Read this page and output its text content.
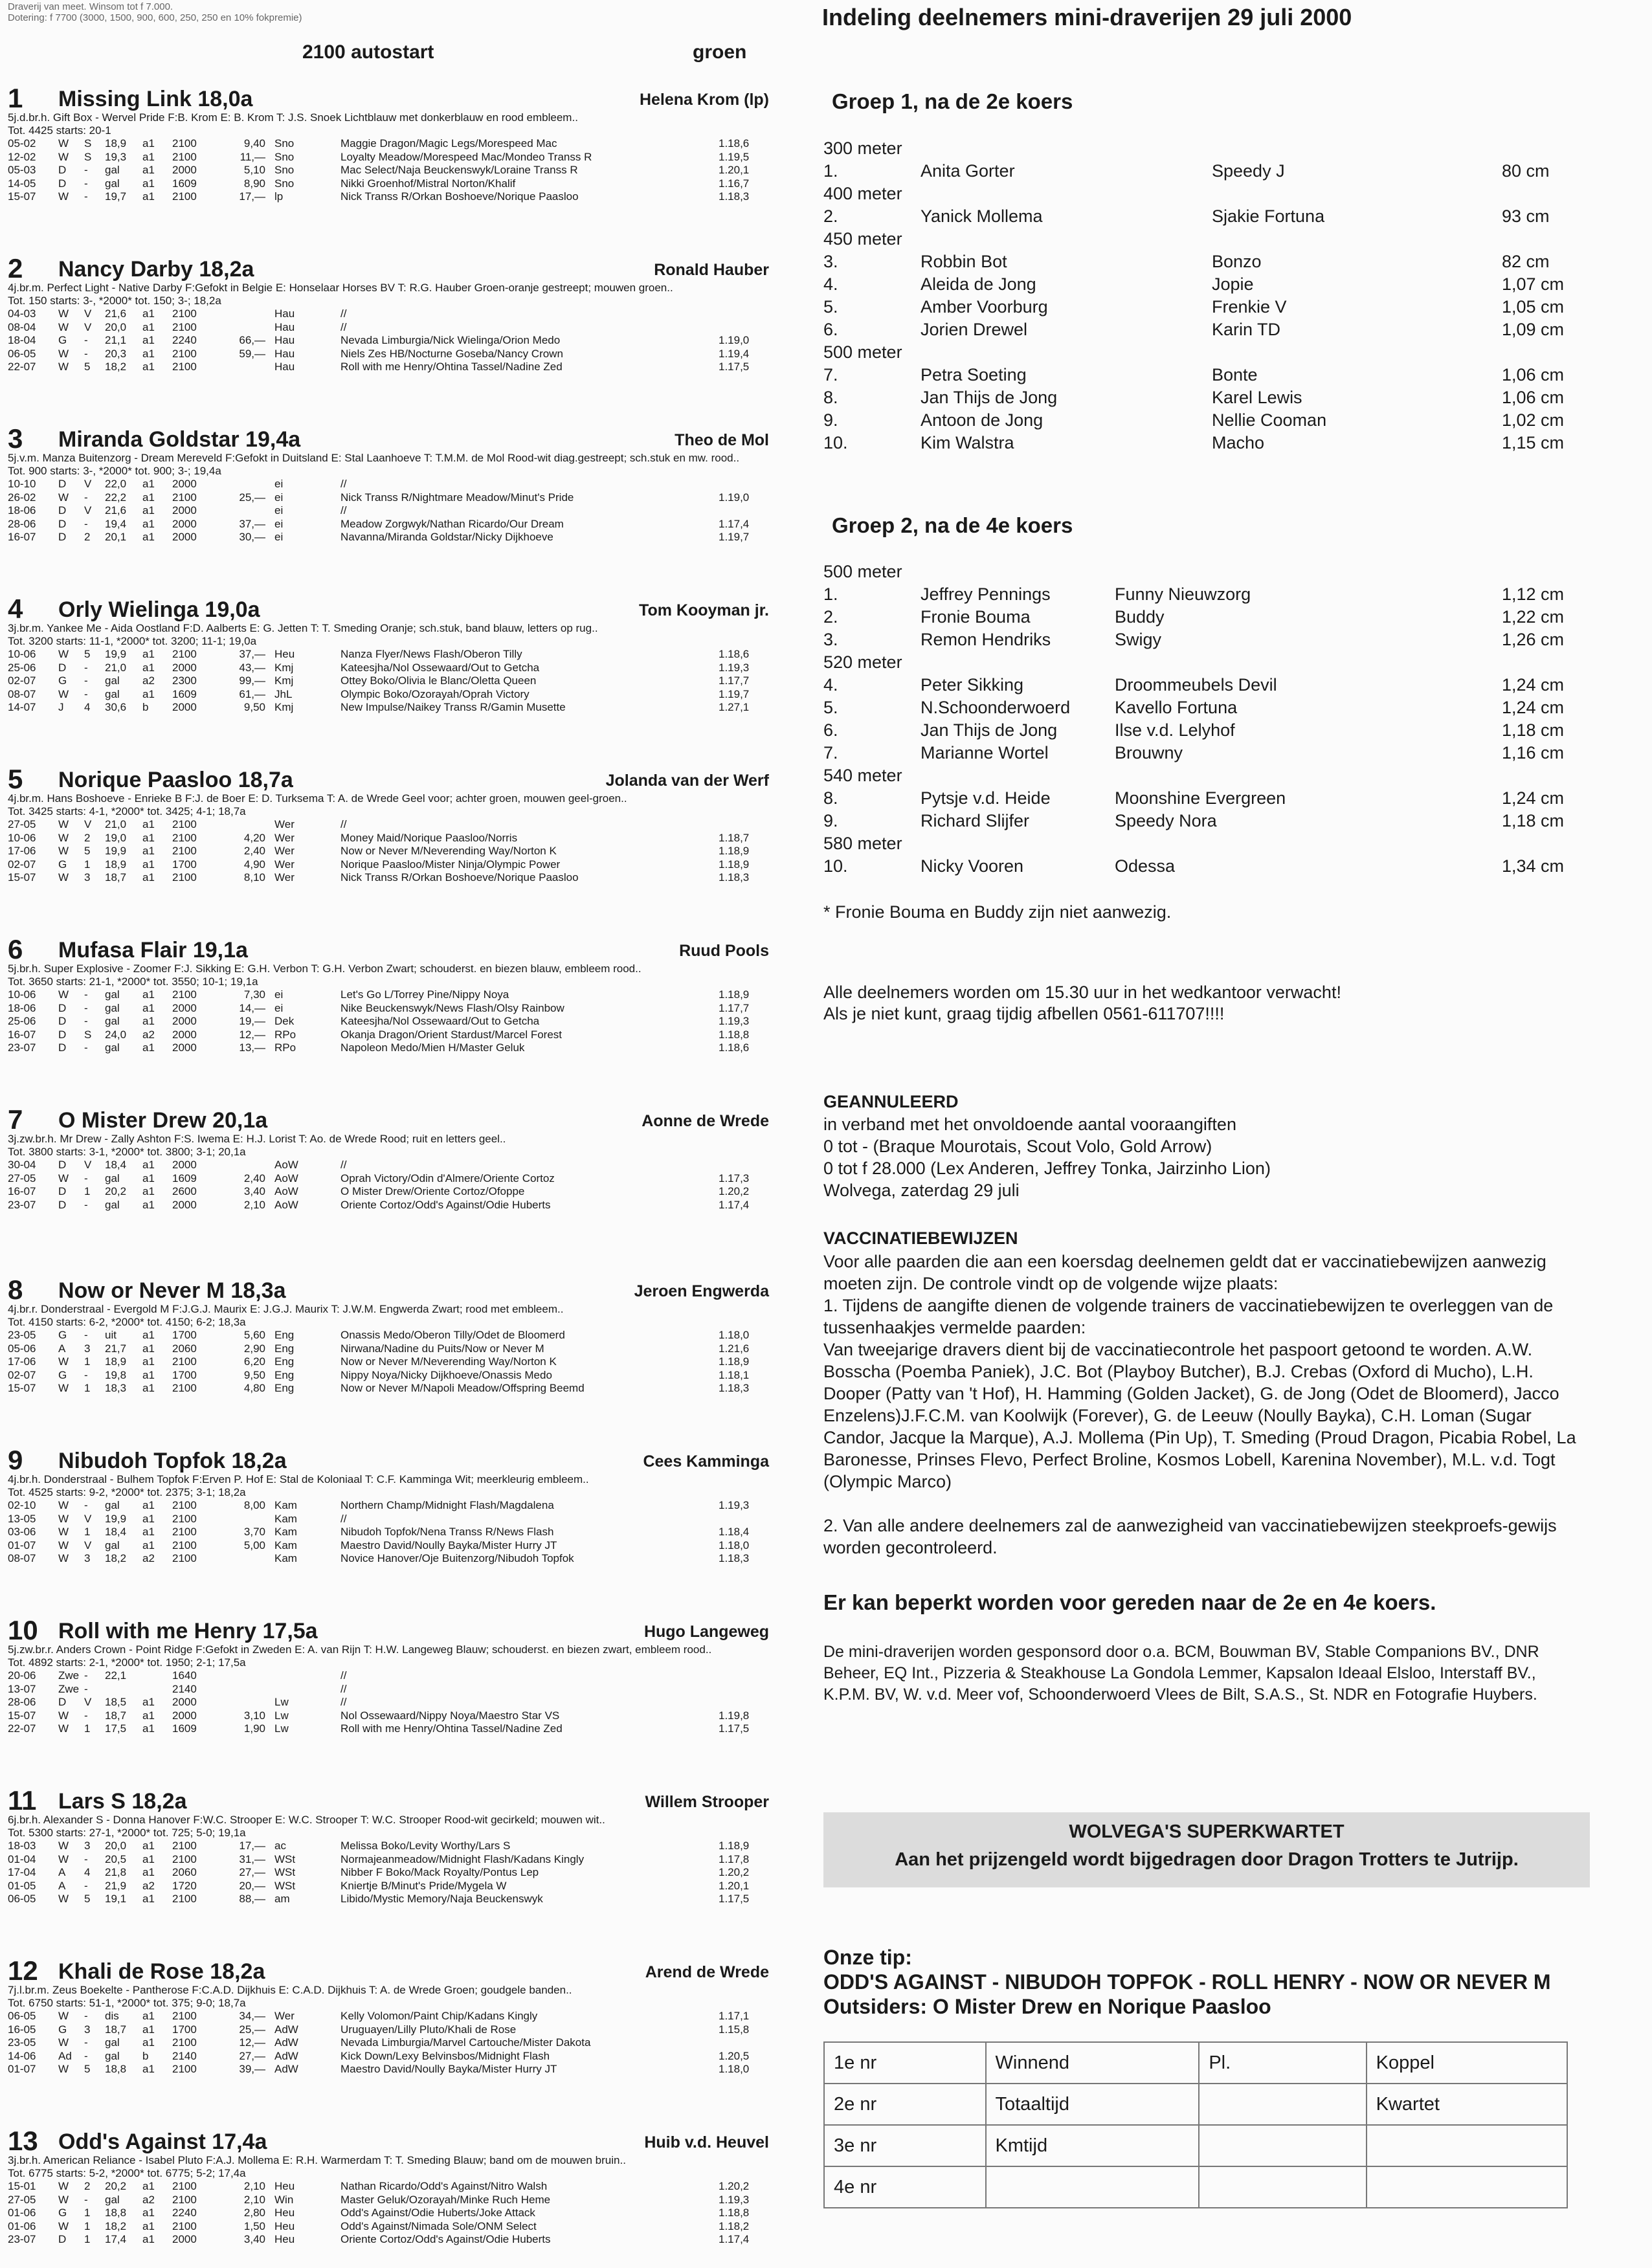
Draverij van meet. Winsom tot f 7.000.
Dotering: f 7700 (3000, 1500, 900, 600, 250, 250 en 10% fokpremie)
2100 autostart	groen
1 Missing Link 18,0a	Helena Krom (lp)
5j.d.br.h. Gift Box - Wervel Pride F:B. Krom E: B. Krom T: J.S. Snoek Lichtblauw met donkerblauw en rood embleem..
Tot. 4425 starts: 20-1
05-02 W S 18,9 a1 2100	9,40 Sno	Maggie Dragon/Magic Legs/Morespeed Mac	1.18,6
12-02 W S 19,3 a1 2100	11,— Sno	Loyalty Meadow/Morespeed Mac/Mondeo Transs R	1.19,5
05-03 D - gal a1 2000	5,10 Sno	Mac Select/Naja Beuckenswyk/Loraine Transs R	1.20,1
14-05 D - gal a1 1609	8,90 Sno	Nikki Groenhof/Mistral Norton/Khalif	1.16,7
15-07 W - 19,7 a1 2100	17,— lp	Nick Transs R/Orkan Boshoeve/Norique Paasloo	1.18,3
2 Nancy Darby 18,2a	Ronald Hauber
4j.br.m. Perfect Light - Native Darby F:Gefokt in Belgie E: Honselaar Horses BV T: R.G. Hauber Groen-oranje gestreept; mouwen groen..
Tot. 150 starts: 3-, *2000* tot. 150; 3-; 18,2a
04-03 W V 21,6 a1 2100	Hau	//
08-04 W V 20,0 a1 2100	Hau	//
18-04 G - 21,1 a1 2240	66,— Hau	Nevada Limburgia/Nick Wielinga/Orion Medo	1.19,0
06-05 W - 20,3 a1 2100	59,— Hau	Niels Zes HB/Nocturne Goseba/Nancy Crown	1.19,4
22-07 W 5 18,2 a1 2100	Hau	Roll with me Henry/Ohtina Tassel/Nadine Zed	1.17,5
3 Miranda Goldstar 19,4a	Theo de Mol
5j.v.m. Manza Buitenzorg - Dream Mereveld F:Gefokt in Duitsland E: Stal Laanhoeve T: T.M.M. de Mol Rood-wit diag.gestreept; sch.stuk en mw. rood..
Tot. 900 starts: 3-, *2000* tot. 900; 3-; 19,4a
10-10 D V 22,0 a1 2000	ei	//
26-02 W - 22,2 a1 2100	25,— ei	Nick Transs R/Nightmare Meadow/Minut's Pride	1.19,0
18-06 D V 21,6 a1 2000	ei	//
28-06 D - 19,4 a1 2000	37,— ei	Meadow Zorgwyk/Nathan Ricardo/Our Dream	1.17,4
16-07 D 2 20,1 a1 2000	30,— ei	Navanna/Miranda Goldstar/Nicky Dijkhoeve	1.19,7
4 Orly Wielinga 19,0a	Tom Kooyman jr.
3j.br.m. Yankee Me - Aida Oostland F:D. Aalberts E: G. Jetten T: T. Smeding Oranje; sch.stuk, band blauw, letters op rug..
Tot. 3200 starts: 11-1, *2000* tot. 3200; 11-1; 19,0a
10-06 W 5 19,9 a1 2100	37,— Heu	Nanza Flyer/News Flash/Oberon Tilly	1.18,6
25-06 D - 21,0 a1 2000	43,— Kmj	Kateesjha/Nol Ossewaard/Out to Getcha	1.19,3
02-07 G - gal a2 2300	99,— Kmj	Ottey Boko/Olivia le Blanc/Oletta Queen	1.17,7
08-07 W - gal a1 1609	61,— JhL	Olympic Boko/Ozorayah/Oprah Victory	1.19,7
14-07 J 4 30,6 b 2000	9,50 Kmj	New Impulse/Naikey Transs R/Gamin Musette	1.27,1
5 Norique Paasloo 18,7a	Jolanda van der Werf
4j.br.m. Hans Boshoeve - Enrieke B F:J. de Boer E: D. Turksema T: A. de Wrede Geel voor; achter groen, mouwen geel-groen..
Tot. 3425 starts: 4-1, *2000* tot. 3425; 4-1; 18,7a
27-05 W V 21,0 a1 2100	Wer	//
10-06 W 2 19,0 a1 2100	4,20 Wer	Money Maid/Norique Paasloo/Norris	1.18,7
17-06 W 5 19,9 a1 2100	2,40 Wer	Now or Never M/Neverending Way/Norton K	1.18,9
02-07 G 1 18,9 a1 1700	4,90 Wer	Norique Paasloo/Mister Ninja/Olympic Power	1.18,9
15-07 W 3 18,7 a1 2100	8,10 Wer	Nick Transs R/Orkan Boshoeve/Norique Paasloo	1.18,3
6 Mufasa Flair 19,1a	Ruud Pools
5j.br.h. Super Explosive - Zoomer F:J. Sikking E: G.H. Verbon T: G.H. Verbon Zwart; schouderst. en biezen blauw, embleem rood..
Tot. 3650 starts: 21-1, *2000* tot. 3550; 10-1; 19,1a
10-06 W - gal a1 2100	7,30 ei	Let's Go L/Torrey Pine/Nippy Noya	1.18,9
18-06 D - gal a1 2000	14,— ei	Nike Beuckenswyk/News Flash/Olsy Rainbow	1.17,7
25-06 D - gal a1 2000	19,— Dek	Kateesjha/Nol Ossewaard/Out to Getcha	1.19,3
16-07 D S 24,0 a2 2000	12,— RPo	Okanja Dragon/Orient Stardust/Marcel Forest	1.18,8
23-07 D - gal a1 2000	13,— RPo	Napoleon Medo/Mien H/Master Geluk	1.18,6
7 O Mister Drew 20,1a	Aonne de Wrede
3j.zw.br.h. Mr Drew - Zally Ashton F:S. Iwema E: H.J. Lorist T: Ao. de Wrede Rood; ruit en letters geel..
Tot. 3800 starts: 3-1, *2000* tot. 3800; 3-1; 20,1a
30-04 D V 18,4 a1 2000	AoW	//
27-05 W - gal a1 1609	2,40 AoW	Oprah Victory/Odin d'Almere/Oriente Cortoz	1.17,3
16-07 D 1 20,2 a1 2600	3,40 AoW	O Mister Drew/Oriente Cortoz/Ofoppe	1.20,2
23-07 D - gal a1 2000	2,10 AoW	Oriente Cortoz/Odd's Against/Odie Huberts	1.17,4
8 Now or Never M 18,3a	Jeroen Engwerda
4j.br.r. Donderstraal - Evergold M F:J.G.J. Maurix E: J.G.J. Maurix T: J.W.M. Engwerda Zwart; rood met embleem..
Tot. 4150 starts: 6-2, *2000* tot. 4150; 6-2; 18,3a
23-05 G - uit a1 1700	5,60 Eng	Onassis Medo/Oberon Tilly/Odet de Bloomerd	1.18,0
05-06 A 3 21,7 a1 2060	2,90 Eng	Nirwana/Nadine du Puits/Now or Never M	1.21,6
17-06 W 1 18,9 a1 2100	6,20 Eng	Now or Never M/Neverending Way/Norton K	1.18,9
02-07 G - 19,8 a1 1700	9,50 Eng	Nippy Noya/Nicky Dijkhoeve/Onassis Medo	1.18,1
15-07 W 1 18,3 a1 2100	4,80 Eng	Now or Never M/Napoli Meadow/Offspring Beemd	1.18,3
9 Nibudoh Topfok 18,2a	Cees Kamminga
4j.br.h. Donderstraal - Bulhem Topfok F:Erven P. Hof E: Stal de Koloniaal T: C.F. Kamminga Wit; meerkleurig embleem..
Tot. 4525 starts: 9-2, *2000* tot. 2375; 3-1; 18,2a
02-10 W - gal a1 2100	8,00 Kam	Northern Champ/Midnight Flash/Magdalena	1.19,3
13-05 W V 19,9 a1 2100	Kam	//
03-06 W 1 18,4 a1 2100	3,70 Kam	Nibudoh Topfok/Nena Transs R/News Flash	1.18,4
01-07 W V gal a1 2100	5,00 Kam	Maestro David/Noully Bayka/Mister Hurry JT	1.18,0
08-07 W 3 18,2 a2 2100	Kam	Novice Hanover/Oje Buitenzorg/Nibudoh Topfok	1.18,3
10 Roll with me Henry 17,5a	Hugo Langeweg
5j.zw.br.r. Anders Crown - Point Ridge F:Gefokt in Zweden E: A. van Rijn T: H.W. Langeweg Blauw; schouderst. en biezen zwart, embleem rood..
Tot. 4892 starts: 2-1, *2000* tot. 1950; 2-1; 17,5a
20-06 Zwe - 22,1	1640	//
13-07 Zwe -	2140	//
28-06 D V 18,5 a1 2000	Lw	//
15-07 W - 18,7 a1 2000	3,10 Lw	Nol Ossewaard/Nippy Noya/Maestro Star VS	1.19,8
22-07 W 1 17,5 a1 1609	1,90 Lw	Roll with me Henry/Ohtina Tassel/Nadine Zed	1.17,5
11 Lars S 18,2a	Willem Strooper
6j.br.h. Alexander S - Donna Hanover F:W.C. Strooper E: W.C. Strooper T: W.C. Strooper Rood-wit gecirkeld; mouwen wit..
Tot. 5300 starts: 27-1, *2000* tot. 725; 5-0; 19,1a
18-03 W 3 20,0 a1 2100	17,— ac	Melissa Boko/Levity Worthy/Lars S	1.18,9
01-04 W - 20,5 a1 2100	31,— WSt	Normajeanmeadow/Midnight Flash/Kadans Kingly	1.17,8
17-04 A 4 21,8 a1 2060	27,— WSt	Nibber F Boko/Mack Royalty/Pontus Lep	1.20,2
01-05 A - 21,9 a2 1720	20,— WSt	Kniertje B/Minut's Pride/Mygela W	1.20,1
06-05 W 5 19,1 a1 2100	88,— am	Libido/Mystic Memory/Naja Beuckenswyk	1.17,5
12 Khali de Rose 18,2a	Arend de Wrede
7j.l.br.m. Zeus Boekelte - Pantherose F:C.A.D. Dijkhuis E: C.A.D. Dijkhuis T: A. de Wrede Groen; goudgele banden..
Tot. 6750 starts: 51-1, *2000* tot. 375; 9-0; 18,7a
06-05 W - dis a1 2100	34,— Wer	Kelly Volomon/Paint Chip/Kadans Kingly	1.17,1
16-05 G 3 18,7 a1 1700	25,— AdW	Uruguayen/Lilly Pluto/Khali de Rose	1.15,8
23-05 W - gal a1 2100	12,— AdW	Nevada Limburgia/Marvel Cartouche/Mister Dakota
14-06 Ad - gal b 2140	27,— AdW	Kick Down/Lexy Belvinsbos/Midnight Flash	1.20,5
01-07 W 5 18,8 a1 2100	39,— AdW	Maestro David/Noully Bayka/Mister Hurry JT	1.18,0
13 Odd's Against 17,4a	Huib v.d. Heuvel
3j.br.h. American Reliance - Isabel Pluto F:A.J. Mollema E: R.H. Warmerdam T: T. Smeding Blauw; band om de mouwen bruin..
Tot. 6775 starts: 5-2, *2000* tot. 6775; 5-2; 17,4a
15-01 W 2 20,2 a1 2100	2,10 Heu	Nathan Ricardo/Odd's Against/Nitro Walsh	1.20,2
27-05 W - gal a2 2100	2,10 Win	Master Geluk/Ozorayah/Minke Ruch Heme	1.19,3
01-06 G 1 18,8 a1 2240	2,80 Heu	Odd's Against/Odie Huberts/Joke Attack	1.18,8
01-06 W 1 18,2 a1 2100	1,50 Heu	Odd's Against/Nimada Sole/ONM Select	1.18,2
23-07 D 1 17,4 a1 2000	3,40 Heu	Oriente Cortoz/Odd's Against/Odie Huberts	1.17,4
Indeling deelnemers mini-draverijen 29 juli 2000
Groep 1, na de 2e koers
300 meter
1.	Anita Gorter	Speedy J	80 cm
400 meter
2.	Yanick Mollema	Sjakie Fortuna	93 cm
450 meter
3.	Robbin Bot	Bonzo	82 cm
4.	Aleida de Jong	Jopie	1,07 cm
5.	Amber Voorburg	Frenkie V	1,05 cm
6.	Jorien Drewel	Karin TD	1,09 cm
500 meter
7.	Petra Soeting	Bonte	1,06 cm
8.	Jan Thijs de Jong	Karel Lewis	1,06 cm
9.	Antoon de Jong	Nellie Cooman	1,02 cm
10.	Kim Walstra	Macho	1,15 cm
Groep 2, na de 4e koers
500 meter
1.	Jeffrey Pennings	Funny Nieuwzorg	1,12 cm
2.	Fronie Bouma	Buddy	1,22 cm
3.	Remon Hendriks	Swigy	1,26 cm
520 meter
4.	Peter Sikking	Droommeubels Devil	1,24 cm
5.	N.Schoonderwoerd	Kavello Fortuna	1,24 cm
6.	Jan Thijs de Jong	Ilse v.d. Lelyhof	1,18 cm
7.	Marianne Wortel	Brouwny	1,16 cm
540 meter
8.	Pytsje v.d. Heide	Moonshine Evergreen	1,24 cm
9.	Richard Slijfer	Speedy Nora	1,18 cm
580 meter
10.	Nicky Vooren	Odessa	1,34 cm
* Fronie Bouma en Buddy zijn niet aanwezig.
Alle deelnemers worden om 15.30 uur in het wedkantoor verwacht!
Als je niet kunt, graag tijdig afbellen 0561-611707!!!!
GEANNULEERD
in verband met het onvoldoende aantal vooraangiften
0 tot - (Braque Mourotais, Scout Volo, Gold Arrow)
0 tot f 28.000 (Lex Anderen, Jeffrey Tonka, Jairzinho Lion)
Wolvega, zaterdag 29 juli
VACCINATIEBEWIJZEN
Voor alle paarden die aan een koersdag deelnemen geldt dat er vaccinatiebewijzen aanwezig moeten zijn. De controle vindt op de volgende wijze plaats:
1. Tijdens de aangifte dienen de volgende trainers de vaccinatiebewijzen te overleggen van de tussenhaakjes vermelde paarden:
Van tweejarige dravers dient bij de vaccinatiecontrole het paspoort getoond te worden. A.W. Bosscha (Poemba Paniek), J.C. Bot (Playboy Butcher), B.J. Crebas (Oxford di Mucho), L.H. Dooper (Patty van 't Hof), H. Hamming (Golden Jacket), G. de Jong (Odet de Bloomerd), Jacco Enzelens)J.F.C.M. van Koolwijk (Forever), G. de Leeuw (Noully Bayka), C.H. Loman (Sugar Candor, Jacque la Marque), A.J. Mollema (Pin Up), T. Smeding (Proud Dragon, Picabia Robel, La Baronesse, Prinses Flevo, Perfect Broline, Kosmos Lobell, Karenina November), M.L. v.d. Togt (Olympic Marco)
2. Van alle andere deelnemers zal de aanwezigheid van vaccinatiebewijzen steekproefs-gewijs worden gecontroleerd.
Er kan beperkt worden voor gereden naar de 2e en 4e koers.
De mini-draverijen worden gesponsord door o.a. BCM, Bouwman BV, Stable Companions BV., DNR Beheer, EQ Int., Pizzeria & Steakhouse La Gondola Lemmer, Kapsalon Ideaal Elsloo, Interstaff BV., K.P.M. BV, W. v.d. Meer vof, Schoonderwoerd Vlees de Bilt, S.A.S., St. NDR en Fotografie Huybers.
WOLVEGA'S SUPERKWARTET
Aan het prijzengeld wordt bijgedragen door Dragon Trotters te Jutrijp.
Onze tip:
ODD'S AGAINST - NIBUDOH TOPFOK - ROLL HENRY - NOW OR NEVER M
Outsiders: O Mister Drew en Norique Paasloo
1e nr	Winnend	Pl.	Koppel
2e nr	Totaaltijd		Kwartet
3e nr	Kmtijd		
4e nr			
